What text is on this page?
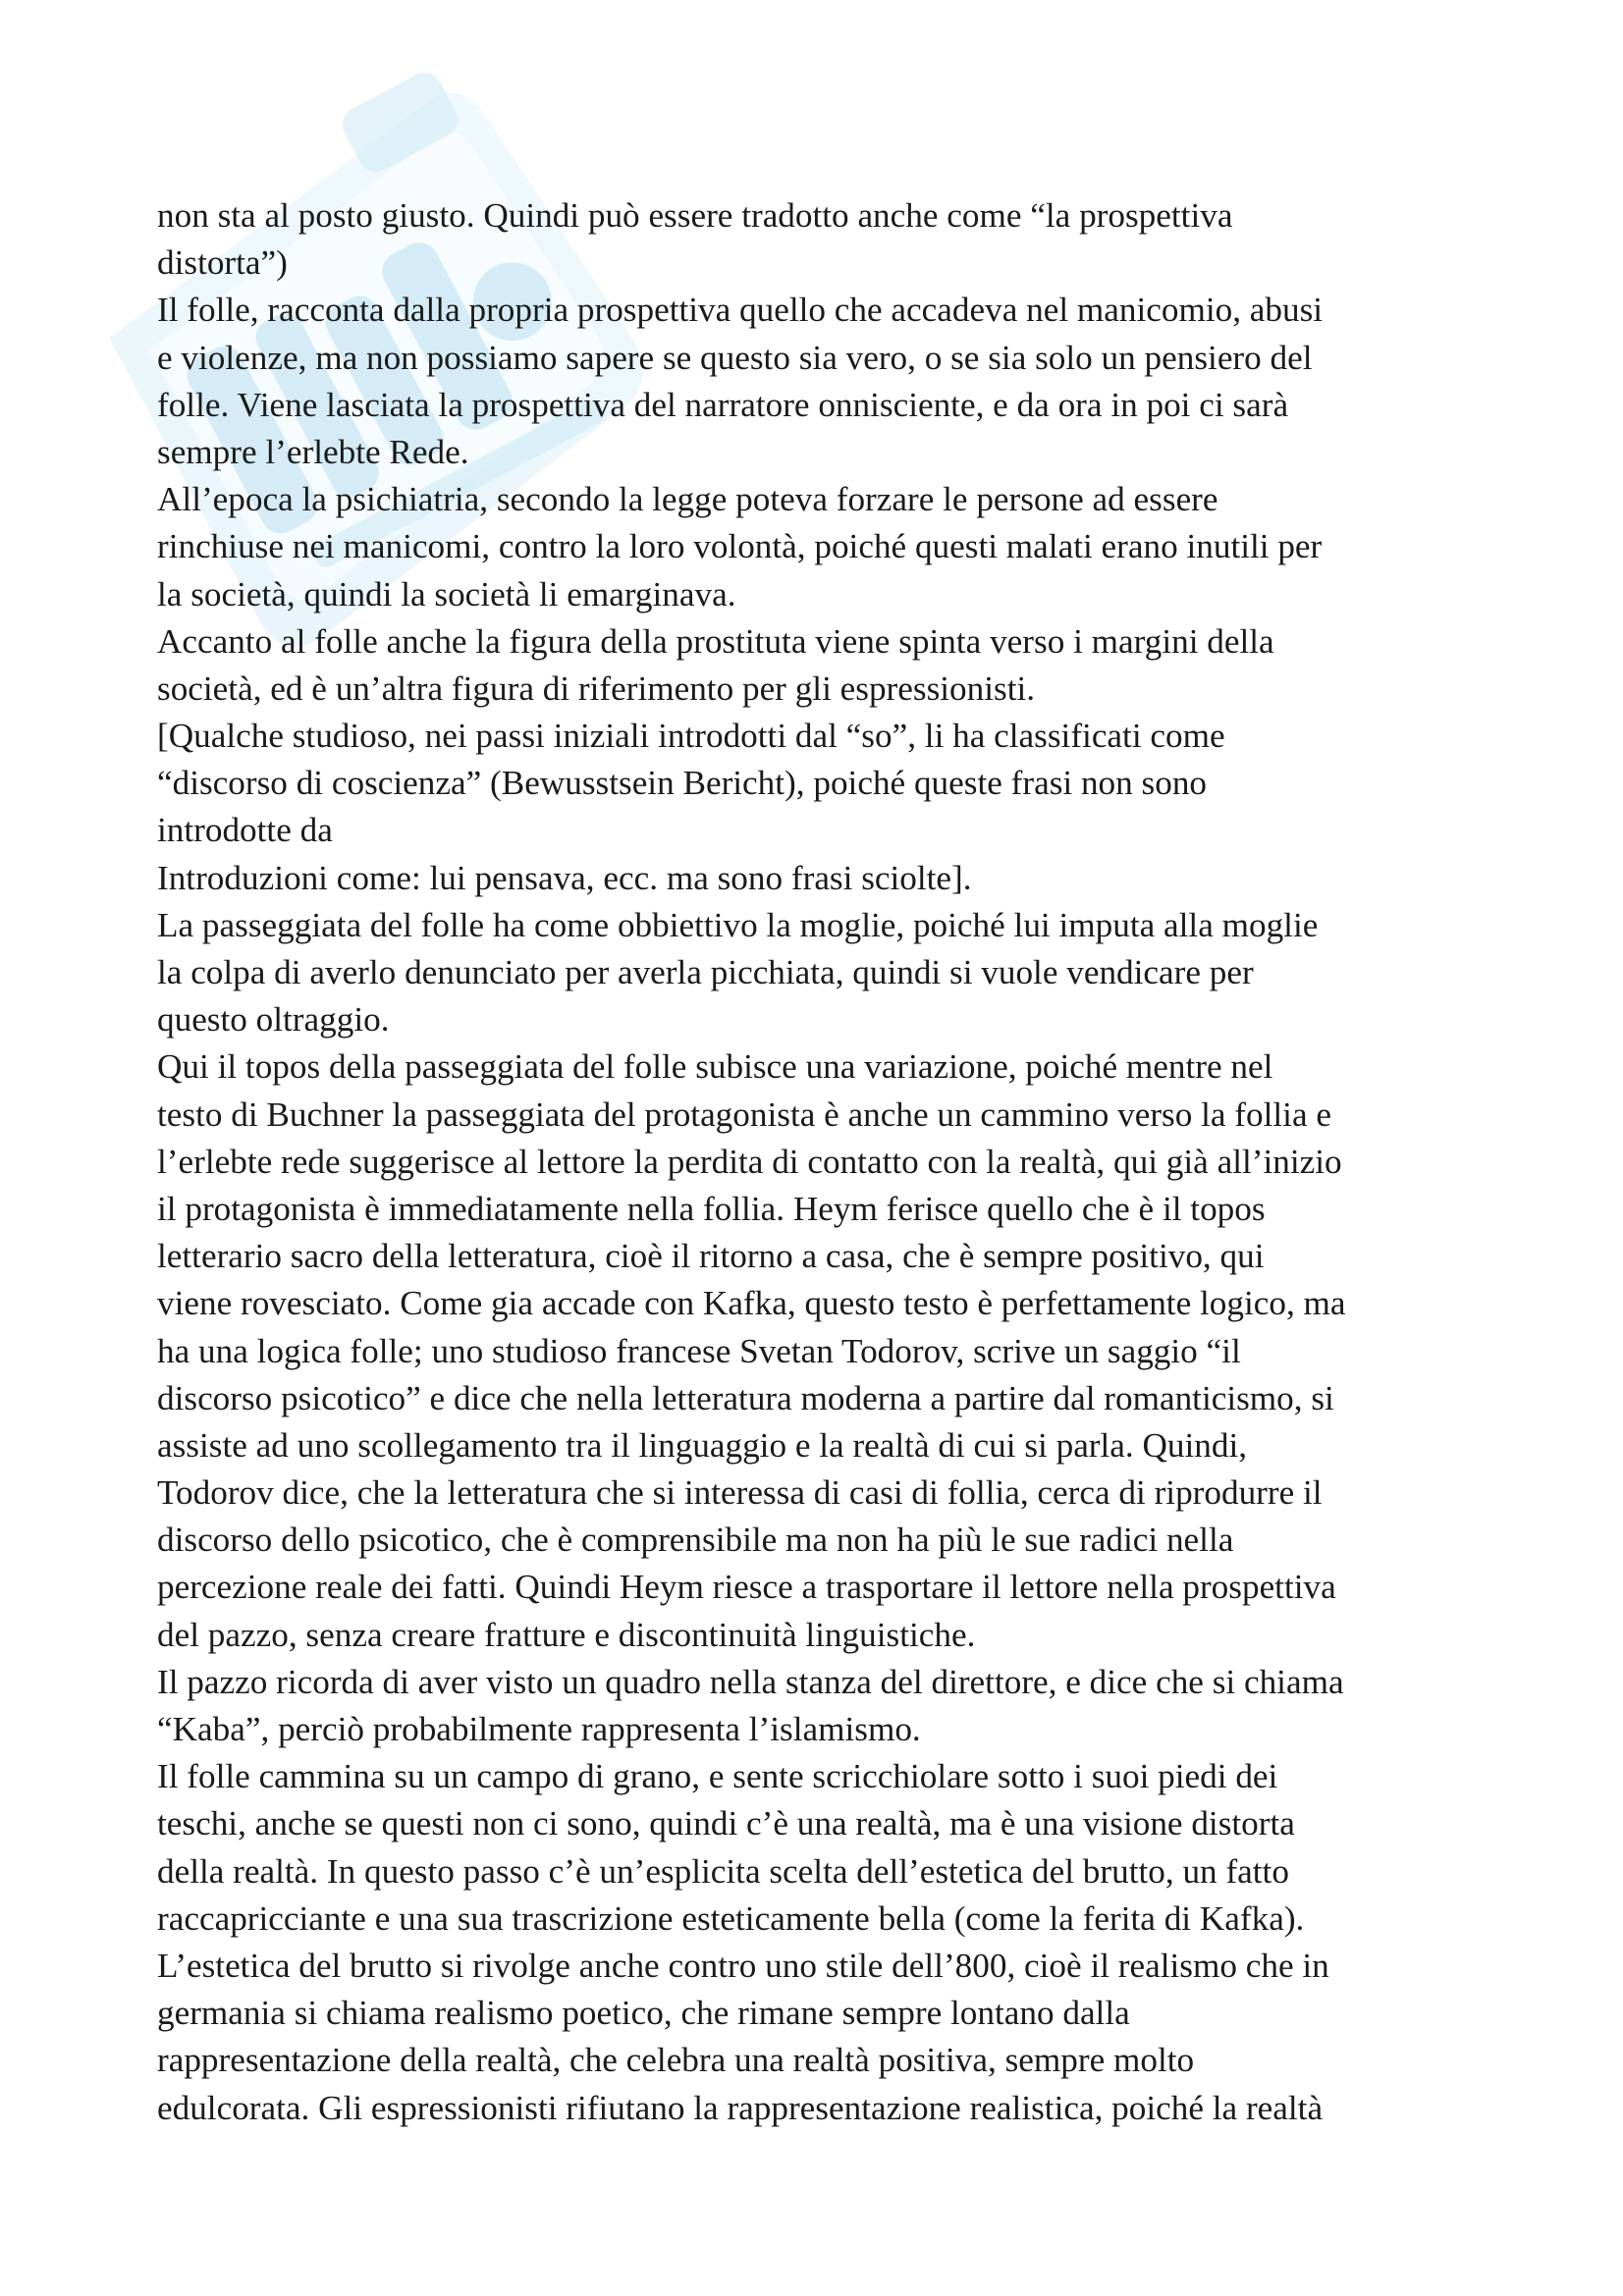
non sta al posto giusto. Quindi può essere tradotto anche come “la prospettiva
distorta”)
Il folle, racconta dalla propria prospettiva quello che accadeva nel manicomio, abusi
e violenze, ma non possiamo sapere se questo sia vero, o se sia solo un pensiero del
folle. Viene lasciata la prospettiva del narratore onnisciente, e da ora in poi ci sarà
sempre l’erlebte Rede.
All’epoca la psichiatria, secondo la legge poteva forzare le persone ad essere
rinchiuse nei manicomi, contro la loro volontà, poiché questi malati erano inutili per
la società, quindi la società li emarginava.
Accanto al folle anche la figura della prostituta viene spinta verso i margini della
società, ed è un’altra figura di riferimento per gli espressionisti.
[Qualche studioso, nei passi iniziali introdotti dal “so”, li ha classificati come
“discorso di coscienza” (Bewusstsein Bericht), poiché queste frasi non sono
introdotte da
Introduzioni come: lui pensava, ecc. ma sono frasi sciolte].
La passeggiata del folle ha come obbiettivo la moglie, poiché lui imputa alla moglie
la colpa di averlo denunciato per averla picchiata, quindi si vuole vendicare per
questo oltraggio.
Qui il topos della passeggiata del folle subisce una variazione, poiché mentre nel
testo di Buchner la passeggiata del protagonista è anche un cammino verso la follia e
l’erlebte rede suggerisce al lettore la perdita di contatto con la realtà, qui già all’inizio
il protagonista è immediatamente nella follia. Heym ferisce quello che è il topos
letterario sacro della letteratura, cioè il ritorno a casa, che è sempre positivo, qui
viene rovesciato. Come gia accade con Kafka, questo testo è perfettamente logico, ma
ha una logica folle; uno studioso francese Svetan Todorov, scrive un saggio “il
discorso psicotico” e dice che nella letteratura moderna a partire dal romanticismo, si
assiste ad uno scollegamento tra il linguaggio e la realtà di cui si parla. Quindi,
Todorov dice, che la letteratura che si interessa di casi di follia, cerca di riprodurre il
discorso dello psicotico, che è comprensibile ma non ha più le sue radici nella
percezione reale dei fatti. Quindi Heym riesce a trasportare il lettore nella prospettiva
del pazzo, senza creare fratture e discontinuità linguistiche.
Il pazzo ricorda di aver visto un quadro nella stanza del direttore, e dice che si chiama
“Kaba”, perciò probabilmente rappresenta l’islamismo.
Il folle cammina su un campo di grano, e sente scricchiolare sotto i suoi piedi dei
teschi, anche se questi non ci sono, quindi c’è una realtà, ma è una visione distorta
della realtà. In questo passo c’è un’esplicita scelta dell’estetica del brutto, un fatto
raccapricciante e una sua trascrizione esteticamente bella (come la ferita di Kafka).
L’estetica del brutto si rivolge anche contro uno stile dell’800, cioè il realismo che in
germania si chiama realismo poetico, che rimane sempre lontano dalla
rappresentazione della realtà, che celebra una realtà positiva, sempre molto
edulcorata. Gli espressionisti rifiutano la rappresentazione realistica, poiché la realtà
